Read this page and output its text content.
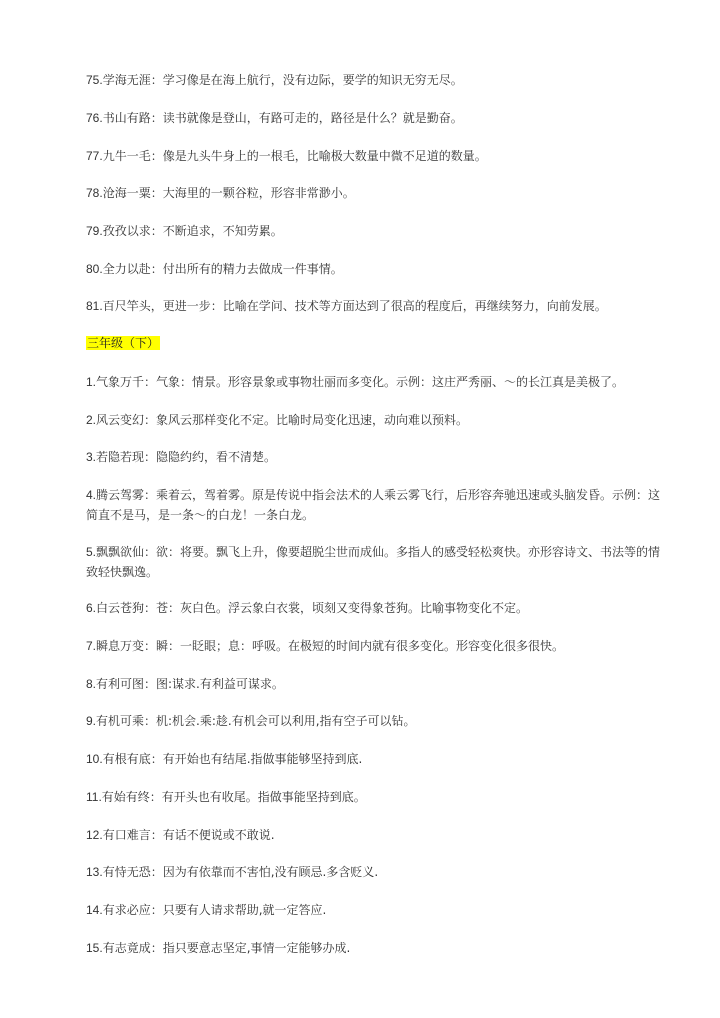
75.学海无涯：学习像是在海上航行，没有边际，要学的知识无穷无尽。

76.书山有路：读书就像是登山，有路可走的，路径是什么？就是勤奋。

77.九牛一毛：像是九头牛身上的一根毛，比喻极大数量中微不足道的数量。

78.沧海一粟：大海里的一颗谷粒，形容非常渺小。

79.孜孜以求：不断追求，不知劳累。

80.全力以赴：付出所有的精力去做成一件事情。

81.百尺竿头，更进一步：比喻在学问、技术等方面达到了很高的程度后，再继续努力，向前发展。

三年级（下）

1.气象万千：气象：情景。形容景象或事物壮丽而多变化。示例：这庄严秀丽、～的长江真是美极了。

2.风云变幻：象风云那样变化不定。比喻时局变化迅速，动向难以预料。

3.若隐若现：隐隐约约，看不清楚。

4.腾云驾雾：乘着云，驾着雾。原是传说中指会法术的人乘云雾飞行，后形容奔驰迅速或头脑发昏。示例：这简直不是马，是一条～的白龙！一条白龙。

5.飘飘欲仙：欲：将要。飘飞上升，像要超脱尘世而成仙。多指人的感受轻松爽快。亦形容诗文、书法等的情致轻快飘逸。

6.白云苍狗：苍：灰白色。浮云象白衣裳，顷刻又变得象苍狗。比喻事物变化不定。

7.瞬息万变：瞬：一眨眼；息：呼吸。在极短的时间内就有很多变化。形容变化很多很快。

8.有利可图：图:谋求.有利益可谋求。

9.有机可乘：机:机会.乘:趁.有机会可以利用,指有空子可以钻。

10.有根有底：有开始也有结尾.指做事能够坚持到底.

11.有始有终：有开头也有收尾。指做事能坚持到底。

12.有口难言：有话不便说或不敢说.

13.有恃无恐：因为有依靠而不害怕,没有顾忌.多含贬义.

14.有求必应：只要有人请求帮助,就一定答应.

15.有志竟成：指只要意志坚定,事情一定能够办成.
